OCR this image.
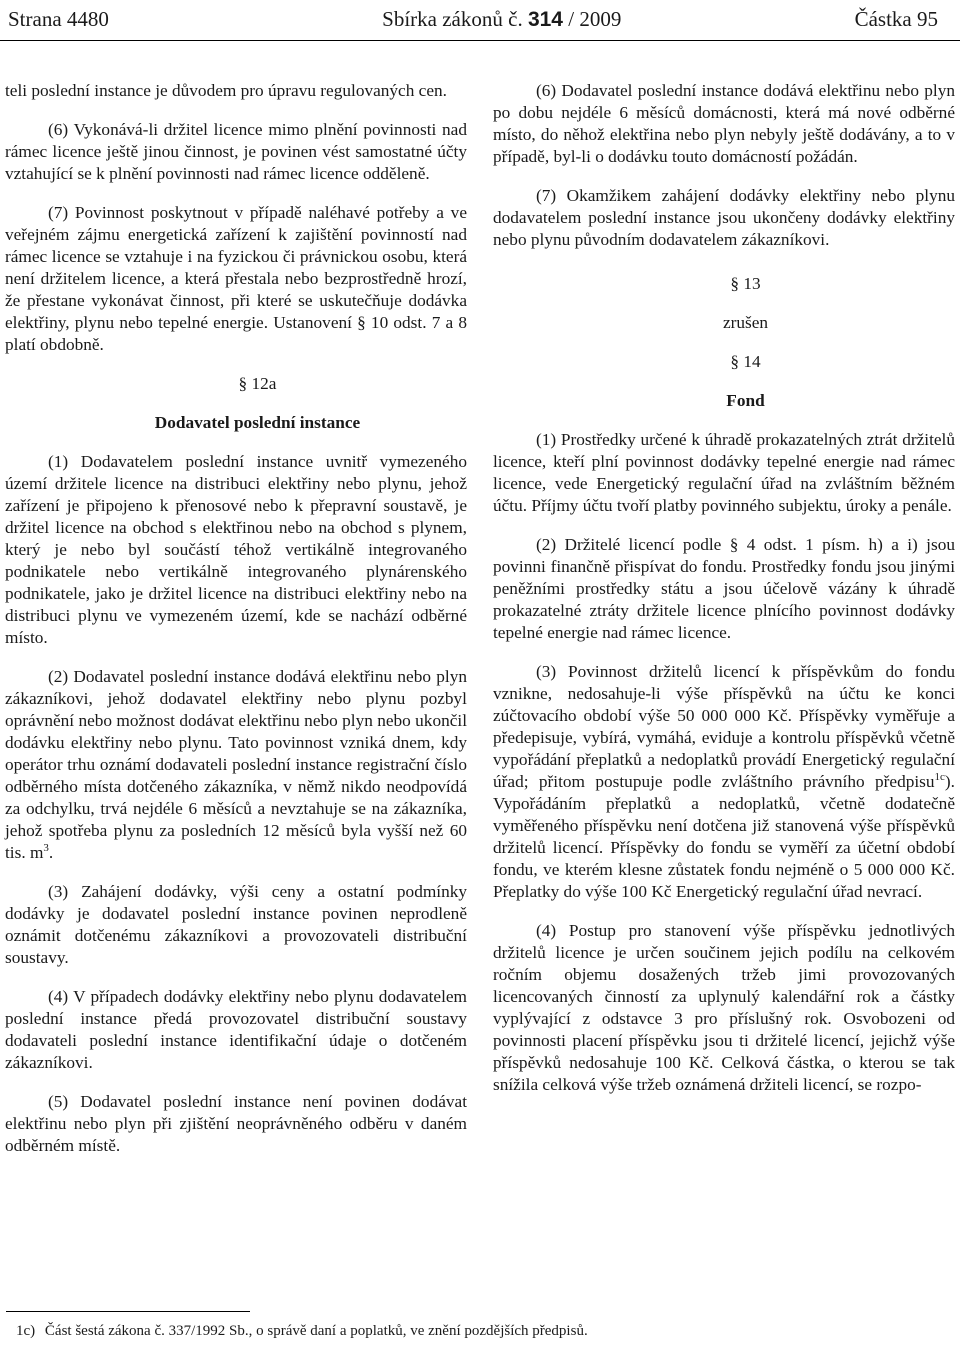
Strana 4480	Sbírka zákonů č. 314 / 2009	Částka 95

teli poslední instance je důvodem pro úpravu regulovaných cen.

(6) Vykonává-li držitel licence mimo plnění povinnosti nad rámec licence ještě jinou činnost, je povinen vést samostatné účty vztahující se k plnění povinnosti nad rámec licence odděleně.

(7) Povinnost poskytnout v případě naléhavé potřeby a ve veřejném zájmu energetická zařízení k zajištění povinností nad rámec licence se vztahuje i na fyzickou či právnickou osobu, která není držitelem licence, a která přestala nebo bezprostředně hrozí, že přestane vykonávat činnost, při které se uskutečňuje dodávka elektřiny, plynu nebo tepelné energie. Ustanovení § 10 odst. 7 a 8 platí obdobně.

§ 12a

Dodavatel poslední instance

(1) Dodavatelem poslední instance uvnitř vymezeného území držitele licence na distribuci elektřiny nebo plynu, jehož zařízení je připojeno k přenosové nebo k přepravní soustavě, je držitel licence na obchod s elektřinou nebo na obchod s plynem, který je nebo byl součástí téhož vertikálně integrovaného podnikatele nebo vertikálně integrovaného plynárenského podnikatele, jako je držitel licence na distribuci elektřiny nebo na distribuci plynu ve vymezeném území, kde se nachází odběrné místo.

(2) Dodavatel poslední instance dodává elektřinu nebo plyn zákazníkovi, jehož dodavatel elektřiny nebo plynu pozbyl oprávnění nebo možnost dodávat elektřinu nebo plyn nebo ukončil dodávku elektřiny nebo plynu. Tato povinnost vzniká dnem, kdy operátor trhu oznámí dodavateli poslední instance registrační číslo odběrného místa dotčeného zákazníka, v němž nikdo neodpovídá za odchylku, trvá nejdéle 6 měsíců a nevztahuje se na zákazníka, jehož spotřeba plynu za posledních 12 měsíců byla vyšší než 60 tis. $m^3$.

(3) Zahájení dodávky, výši ceny a ostatní podmínky dodávky je dodavatel poslední instance povinen neprodleně oznámit dotčenému zákazníkovi a provozovateli distribuční soustavy.

(4) V případech dodávky elektřiny nebo plynu dodavatelem poslední instance předá provozovatel distribuční soustavy dodavateli poslední instance identifikační údaje o dotčeném zákazníkovi.

(5) Dodavatel poslední instance není povinen dodávat elektřinu nebo plyn při zjištění neoprávněného odběru v daném odběrném místě.

(6) Dodavatel poslední instance dodává elektřinu nebo plyn po dobu nejdéle 6 měsíců domácnosti, která má nové odběrné místo, do něhož elektřina nebo plyn nebyly ještě dodávány, a to v případě, byl-li o dodávku touto domácností požádán.

(7) Okamžikem zahájení dodávky elektřiny nebo plynu dodavatelem poslední instance jsou ukončeny dodávky elektřiny nebo plynu původním dodavatelem zákazníkovi.

§ 13

zrušen

§ 14

Fond

(1) Prostředky určené k úhradě prokazatelných ztrát držitelů licence, kteří plní povinnost dodávky tepelné energie nad rámec licence, vede Energetický regulační úřad na zvláštním běžném účtu. Příjmy účtu tvoří platby povinného subjektu, úroky a penále.

(2) Držitelé licencí podle § 4 odst. 1 písm. h) a i) jsou povinni finančně přispívat do fondu. Prostředky fondu jsou jinými peněžními prostředky státu a jsou účelově vázány k úhradě prokazatelné ztráty držitele licence plnícího povinnost dodávky tepelné energie nad rámec licence.

(3) Povinnost držitelů licencí k příspěvkům do fondu vznikne, nedosahuje-li výše příspěvků na účtu ke konci zúčtovacího období výše 50 000 000 Kč. Příspěvky vyměřuje a předepisuje, vybírá, vymáhá, eviduje a kontrolu příspěvků včetně vypořádání přeplatků a nedoplatků provádí Energetický regulační úřad; přitom postupuje podle zvláštního právního předpisu$^{1c}$). Vypořádáním přeplatků a nedoplatků, včetně dodatečně vyměřeného příspěvku není dotčena již stanovená výše příspěvků držitelů licencí. Příspěvky do fondu se vyměří za účetní období fondu, ve kterém klesne zůstatek fondu nejméně o 5 000 000 Kč. Přeplatky do výše 100 Kč Energetický regulační úřad nevrací.

(4) Postup pro stanovení výše příspěvku jednotlivých držitelů licence je určen součinem jejich podílu na celkovém ročním objemu dosažených tržeb jimi provozovaných licencovaných činností za uplynulý kalendářní rok a částky vyplývající z odstavce 3 pro příslušný rok. Osvobozeni od povinnosti placení příspěvku jsou ti držitelé licencí, jejichž výše příspěvků nedosahuje 100 Kč. Celková částka, o kterou se tak snížila celková výše tržeb oznámená držiteli licencí, se rozpo-

1c) Část šestá zákona č. 337/1992 Sb., o správě daní a poplatků, ve znění pozdějších předpisů.
